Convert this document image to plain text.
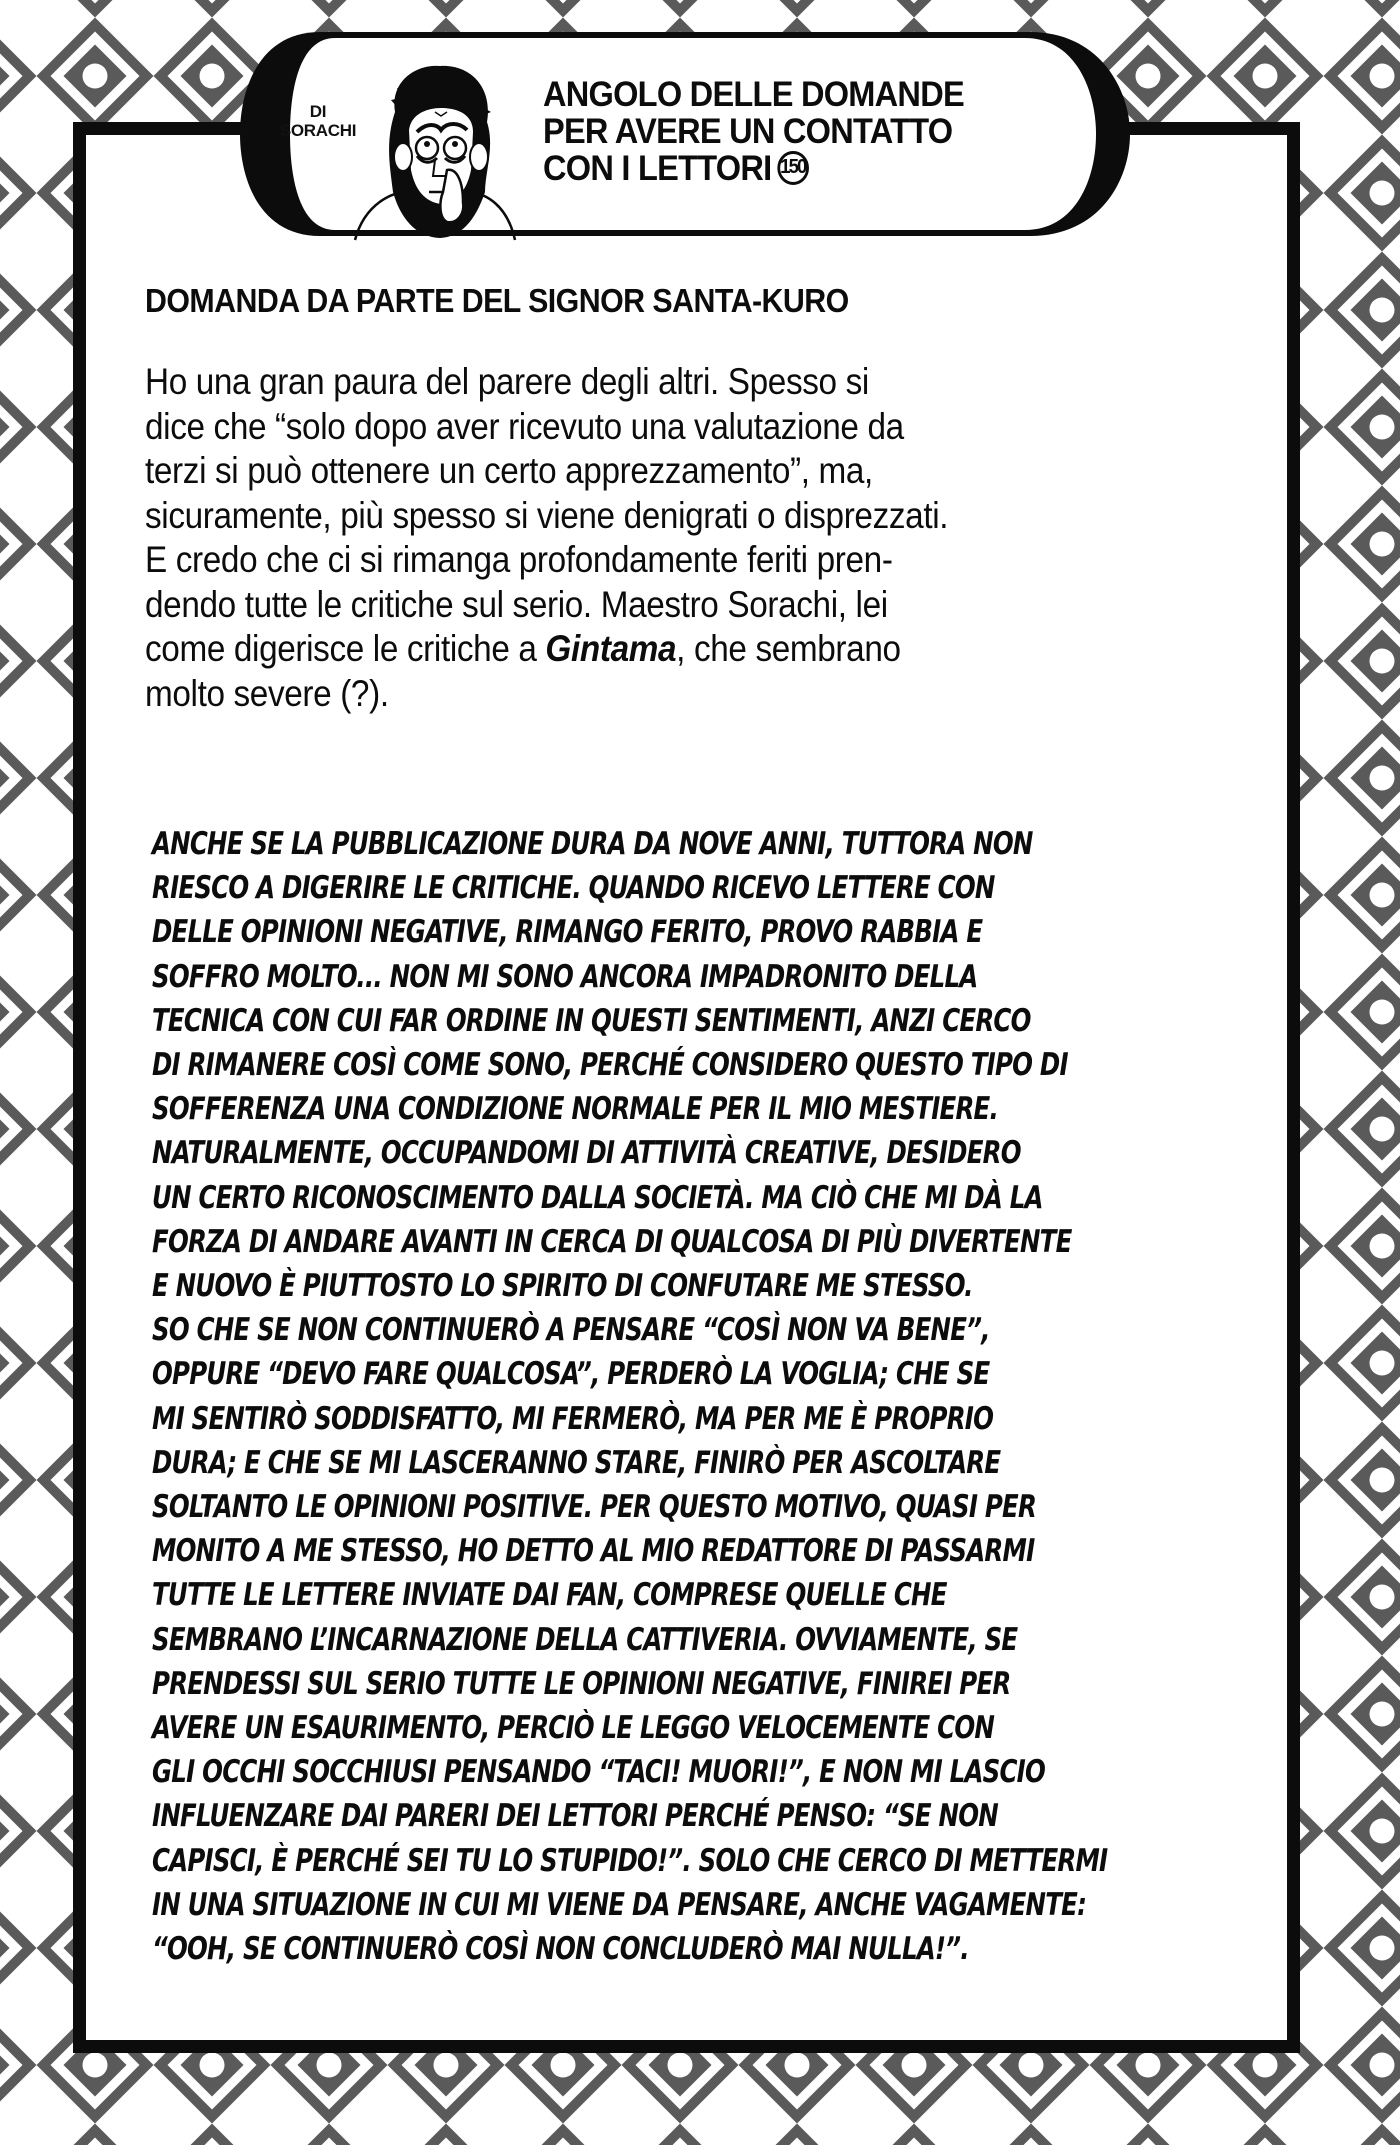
DI
SORACHI
ANGOLO DELLE DOMANDE
PER AVERE UN CONTATTO
CON I LETTORI 150
DOMANDA DA PARTE DEL SIGNOR SANTA-KURO
Ho una gran paura del parere degli altri. Spesso si
dice che “solo dopo aver ricevuto una valutazione da
terzi si può ottenere un certo apprezzamento”, ma,
sicuramente, più spesso si viene denigrati o disprezzati.
E credo che ci si rimanga profondamente feriti pren-
dendo tutte le critiche sul serio. Maestro Sorachi, lei
come digerisce le critiche a Gintama, che sembrano
molto severe (?).
ANCHE SE LA PUBBLICAZIONE DURA DA NOVE ANNI, TUTTORA NON
RIESCO A DIGERIRE LE CRITICHE. QUANDO RICEVO LETTERE CON
DELLE OPINIONI NEGATIVE, RIMANGO FERITO, PROVO RABBIA E
SOFFRO MOLTO... NON MI SONO ANCORA IMPADRONITO DELLA
TECNICA CON CUI FAR ORDINE IN QUESTI SENTIMENTI, ANZI CERCO
DI RIMANERE COSÌ COME SONO, PERCHÉ CONSIDERO QUESTO TIPO DI
SOFFERENZA UNA CONDIZIONE NORMALE PER IL MIO MESTIERE.
NATURALMENTE, OCCUPANDOMI DI ATTIVITÀ CREATIVE, DESIDERO
UN CERTO RICONOSCIMENTO DALLA SOCIETÀ. MA CIÒ CHE MI DÀ LA
FORZA DI ANDARE AVANTI IN CERCA DI QUALCOSA DI PIÙ DIVERTENTE
E NUOVO È PIUTTOSTO LO SPIRITO DI CONFUTARE ME STESSO.
SO CHE SE NON CONTINUERÒ A PENSARE “COSÌ NON VA BENE”,
OPPURE “DEVO FARE QUALCOSA”, PERDERÒ LA VOGLIA; CHE SE
MI SENTIRÒ SODDISFATTO, MI FERMERÒ, MA PER ME È PROPRIO
DURA; E CHE SE MI LASCERANNO STARE, FINIRÒ PER ASCOLTARE
SOLTANTO LE OPINIONI POSITIVE. PER QUESTO MOTIVO, QUASI PER
MONITO A ME STESSO, HO DETTO AL MIO REDATTORE DI PASSARMI
TUTTE LE LETTERE INVIATE DAI FAN, COMPRESE QUELLE CHE
SEMBRANO L’INCARNAZIONE DELLA CATTIVERIA. OVVIAMENTE, SE
PRENDESSI SUL SERIO TUTTE LE OPINIONI NEGATIVE, FINIREI PER
AVERE UN ESAURIMENTO, PERCIÒ LE LEGGO VELOCEMENTE CON
GLI OCCHI SOCCHIUSI PENSANDO “TACI! MUORI!”, E NON MI LASCIO
INFLUENZARE DAI PARERI DEI LETTORI PERCHÉ PENSO: “SE NON
CAPISCI, È PERCHÉ SEI TU LO STUPIDO!”. SOLO CHE CERCO DI METTERMI
IN UNA SITUAZIONE IN CUI MI VIENE DA PENSARE, ANCHE VAGAMENTE:
“OOH, SE CONTINUERÒ COSÌ NON CONCLUDERÒ MAI NULLA!”.
